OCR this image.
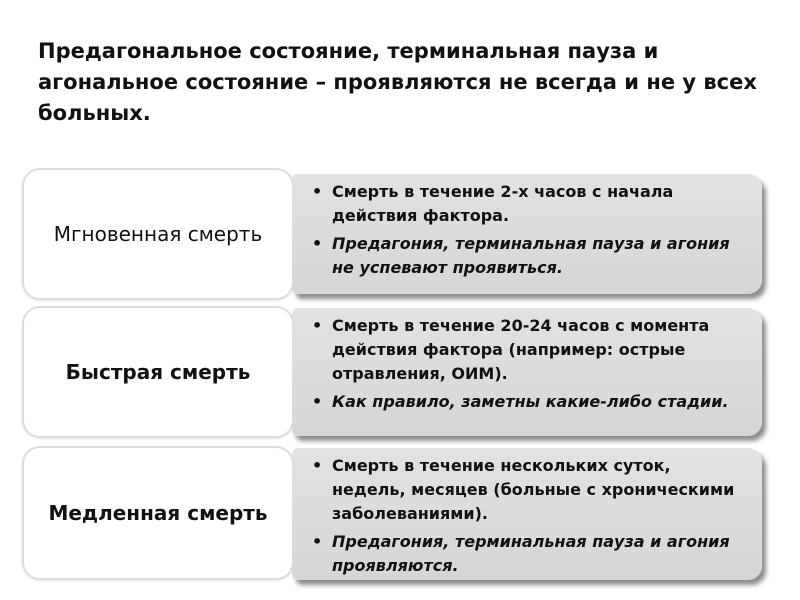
Предагональное состояние, терминальная пауза и агональное состояние – проявляются не всегда и не у всех больных.
Мгновенная смерть
• Смерть в течение 2-х часов с начала действия фактора.
• Предагония, терминальная пауза и агония не успевают проявиться.
Быстрая смерть
• Смерть в течение 20-24 часов с момента действия фактора (например: острые отравления, ОИМ).
• Как правило, заметны какие-либо стадии.
Медленная смерть
• Смерть в течение нескольких суток, недель, месяцев (больные с хроническими заболеваниями).
• Предагония, терминальная пауза и агония проявляются.
